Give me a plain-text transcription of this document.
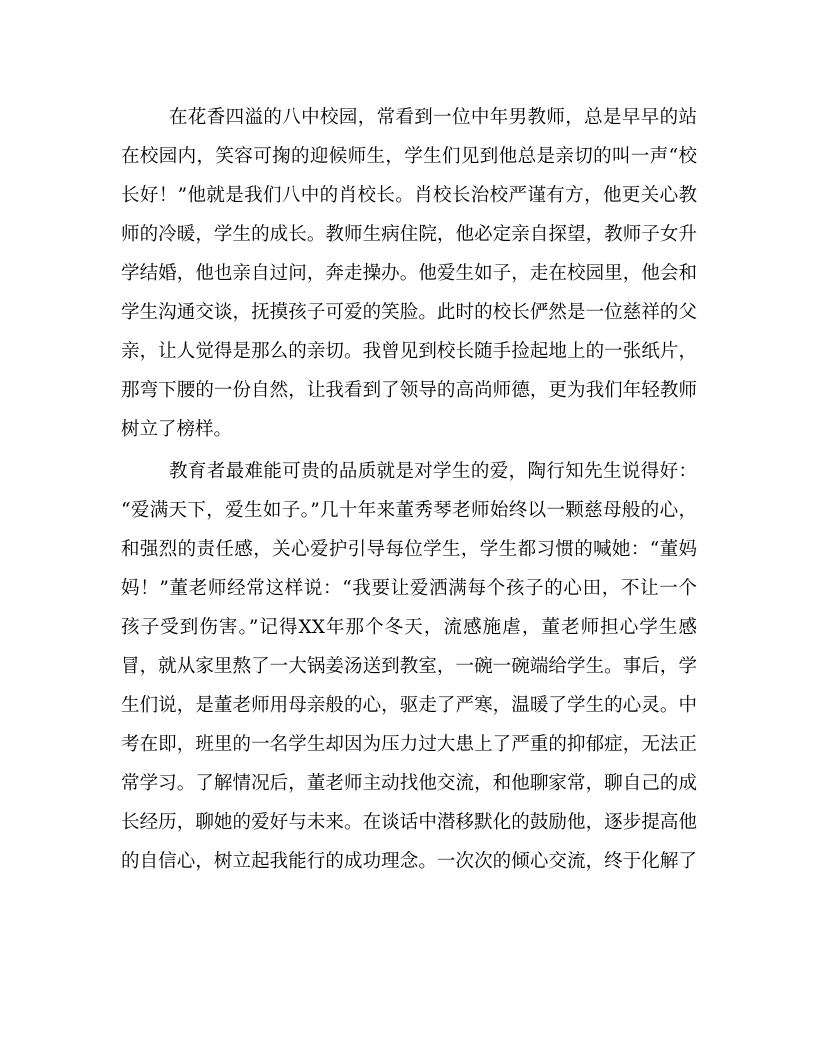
在花香四溢的八中校园，常看到一位中年男教师，总是早早的站
在校园内，笑容可掬的迎候师生，学生们见到他总是亲切的叫一声“校
长好！”他就是我们八中的肖校长。肖校长治校严谨有方，他更关心教
师的冷暖，学生的成长。教师生病住院，他必定亲自探望，教师子女升
学结婚，他也亲自过问，奔走操办。他爱生如子，走在校园里，他会和
学生沟通交谈，抚摸孩子可爱的笑脸。此时的校长俨然是一位慈祥的父
亲，让人觉得是那么的亲切。我曾见到校长随手捡起地上的一张纸片，
那弯下腰的一份自然，让我看到了领导的高尚师德，更为我们年轻教师
树立了榜样。
教育者最难能可贵的品质就是对学生的爱，陶行知先生说得好：
“爱满天下，爱生如子。”几十年来董秀琴老师始终以一颗慈母般的心，
和强烈的责任感，关心爱护引导每位学生，学生都习惯的喊她：“董妈
妈！”董老师经常这样说：“我要让爱洒满每个孩子的心田，不让一个
孩子受到伤害。”记得XX年那个冬天，流感施虐，董老师担心学生感
冒，就从家里熬了一大锅姜汤送到教室，一碗一碗端给学生。事后，学
生们说，是董老师用母亲般的心，驱走了严寒，温暖了学生的心灵。中
考在即，班里的一名学生却因为压力过大患上了严重的抑郁症，无法正
常学习。了解情况后，董老师主动找他交流，和他聊家常，聊自己的成
长经历，聊她的爱好与未来。在谈话中潜移默化的鼓励他，逐步提高他
的自信心，树立起我能行的成功理念。一次次的倾心交流，终于化解了
